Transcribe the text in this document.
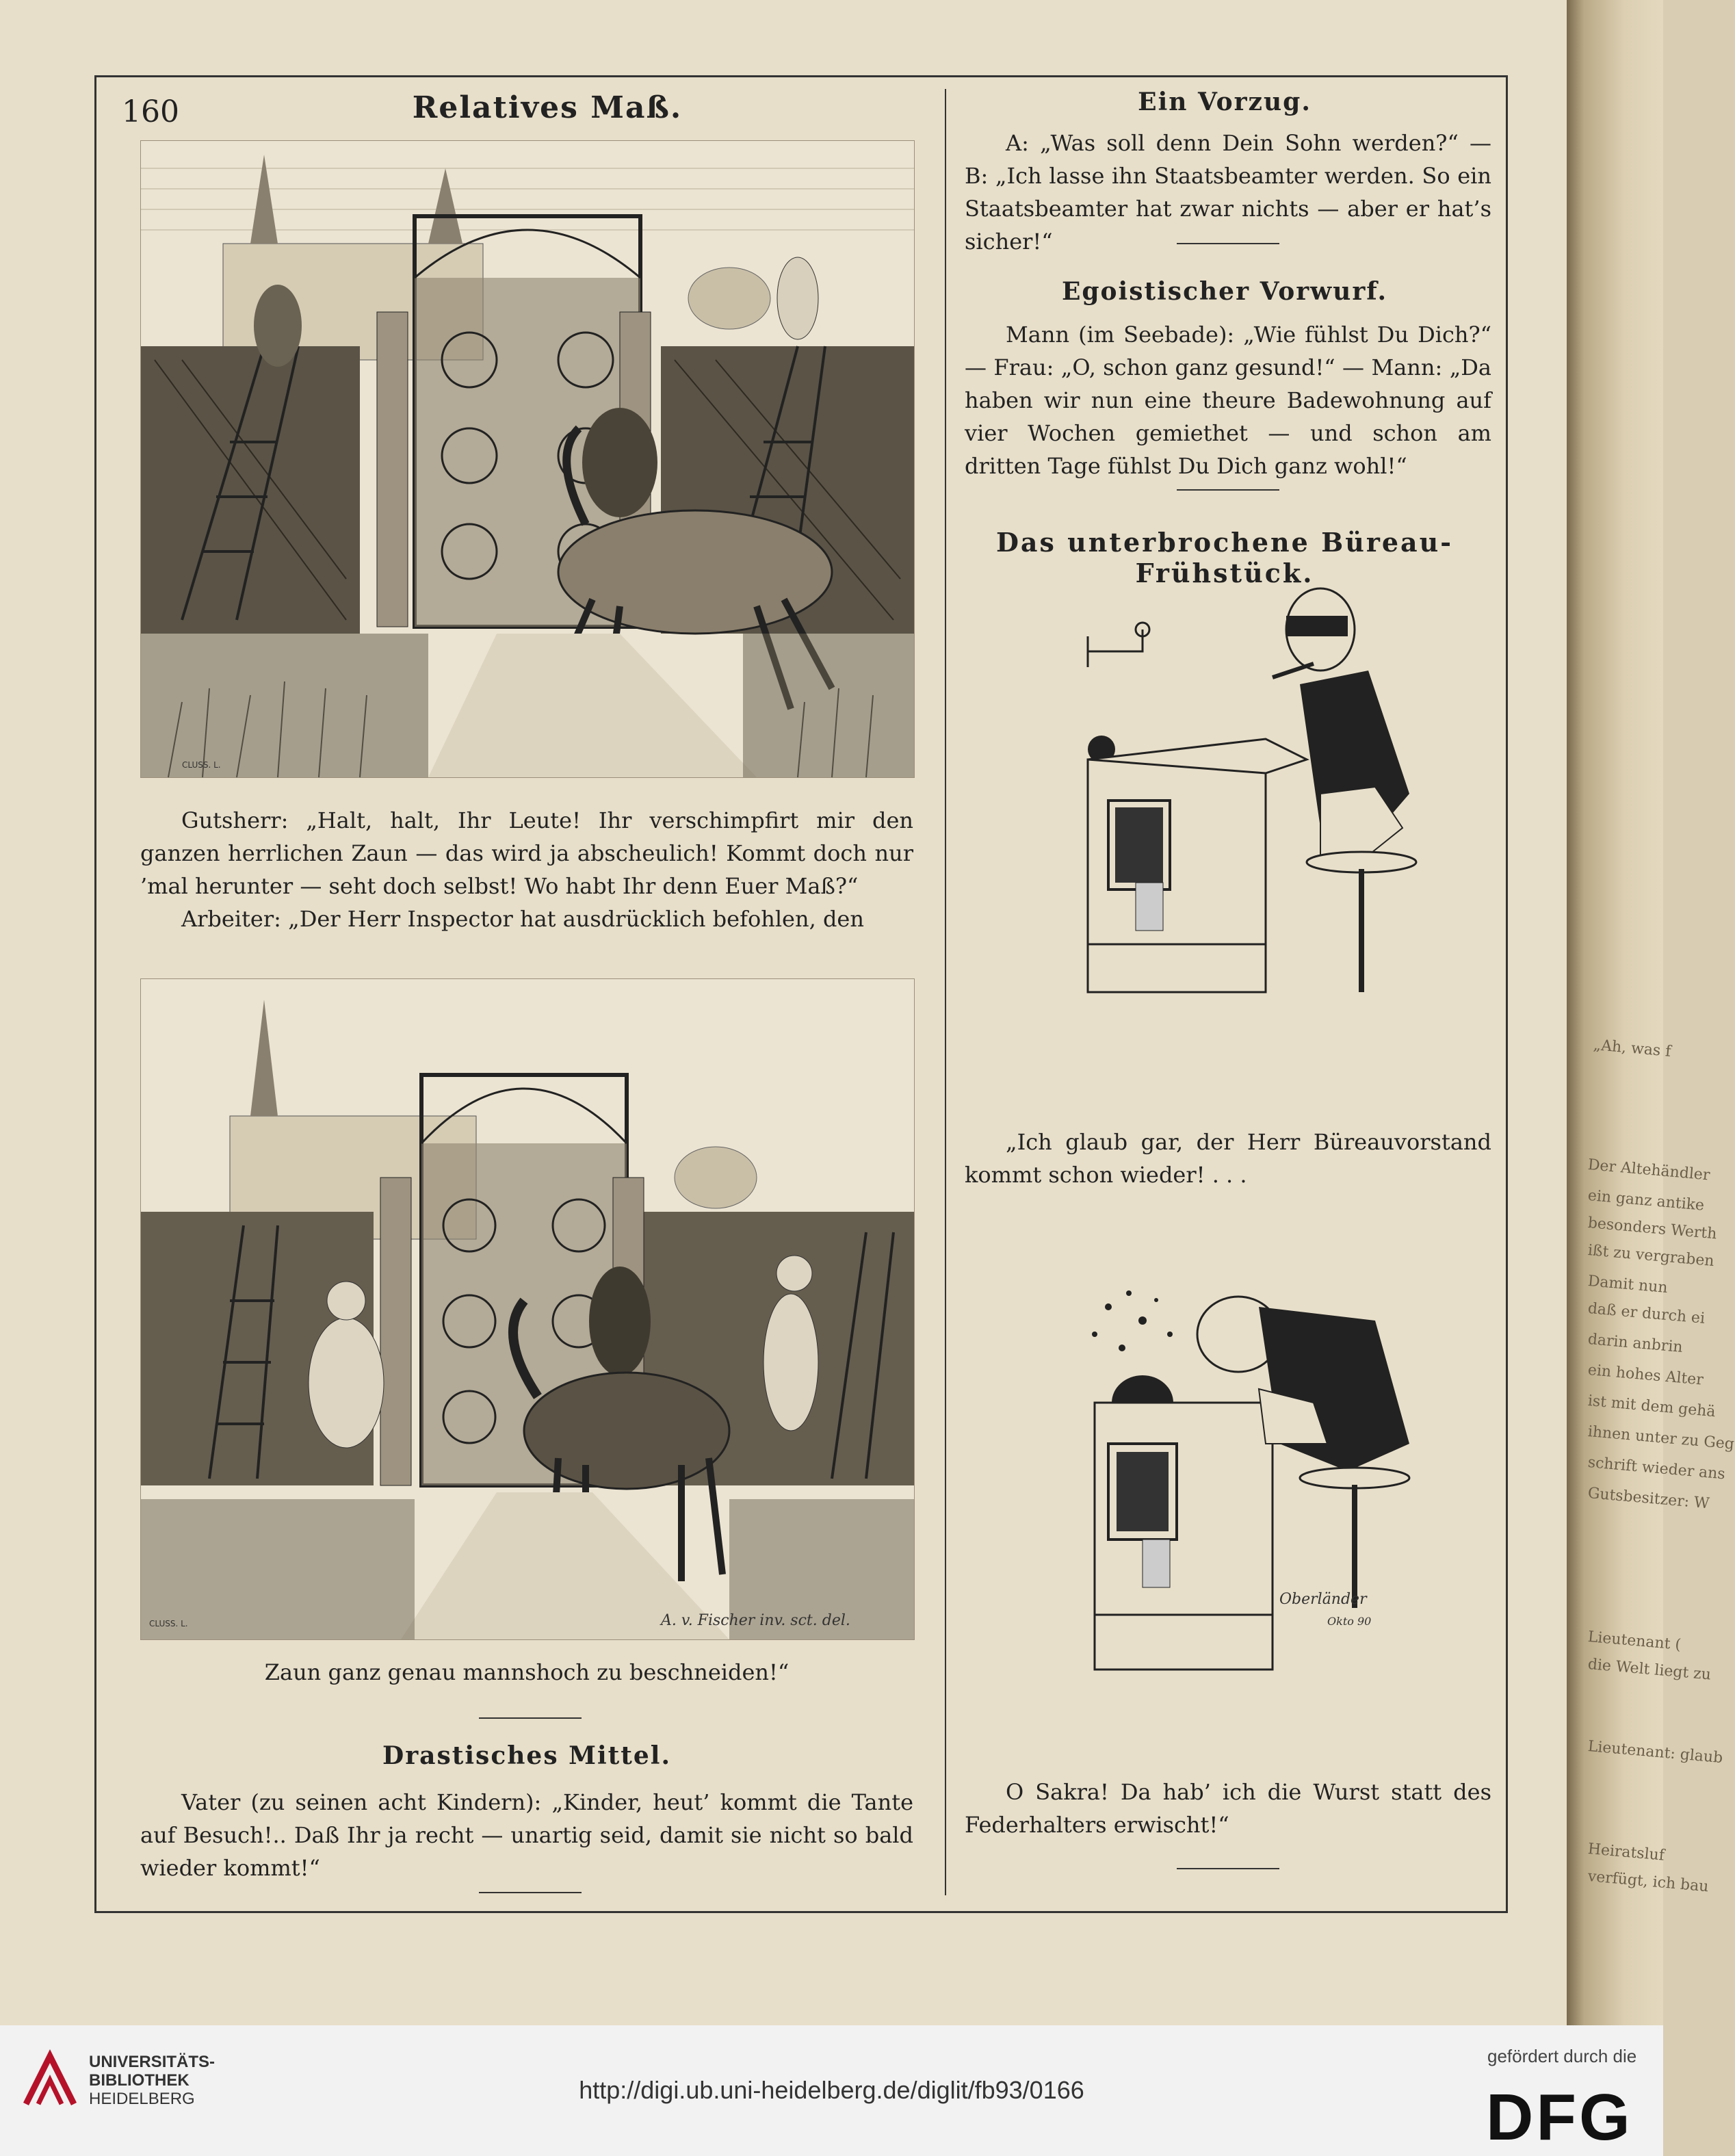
„Ah, was f
Der Altehändler
ein ganz antike
besonders Werth
ißt zu vergraben
Damit nun
daß er durch ei
darin anbrin
ein hohes Alter
ist mit dem gehä
ihnen unter zu Geg
schrift wieder ans
Gutsbesitzer: W
Lieutenant (
die Welt liegt zu
Lieutenant: glaub
Heiratsluf
verfügt, ich bau
160	Relatives Maß.
CLUSS. L.

Gutsherr: „Halt, halt, Ihr Leute! Ihr verschimpfirt mir den ganzen herrlichen Zaun — das wird ja abscheulich! Kommt doch nur ’mal herunter — seht doch selbst! Wo habt Ihr denn Euer Maß?“

Arbeiter: „Der Herr Inspector hat ausdrücklich befohlen, den

CLUSS. L.	A. v. Fischer inv. sct. del.
Zaun ganz genau mannshoch zu beschneiden!“
Drastisches Mittel.

Vater (zu seinen acht Kindern): „Kinder, heut’ kommt die Tante auf Besuch!.. Daß Ihr ja recht — unartig seid, damit sie nicht so bald wieder kommt!“

Ein Vorzug.

A: „Was soll denn Dein Sohn werden?“ — B: „Ich lasse ihn Staatsbeamter werden. So ein Staatsbeamter hat zwar nichts — aber er hat’s sicher!“

Egoistischer Vorwurf.

Mann (im Seebade): „Wie fühlst Du Dich?“ — Frau: „O, schon ganz gesund!“ — Mann: „Da haben wir nun eine theure Badewohnung auf vier Wochen gemiethet — und schon am dritten Tage fühlst Du Dich ganz wohl!“

Das unterbrochene Büreau-Frühstück.

„Ich glaub gar, der Herr Büreauvorstand kommt schon wieder! . . .

Oberländer
Okto 90

O Sakra! Da hab’ ich die Wurst statt des Federhalters erwischt!“

UNIVERSITÄTS-
BIBLIOTHEK
HEIDELBERG	http://digi.ub.uni-heidelberg.de/diglit/fb93/0166
gefördert durch die
DFG
